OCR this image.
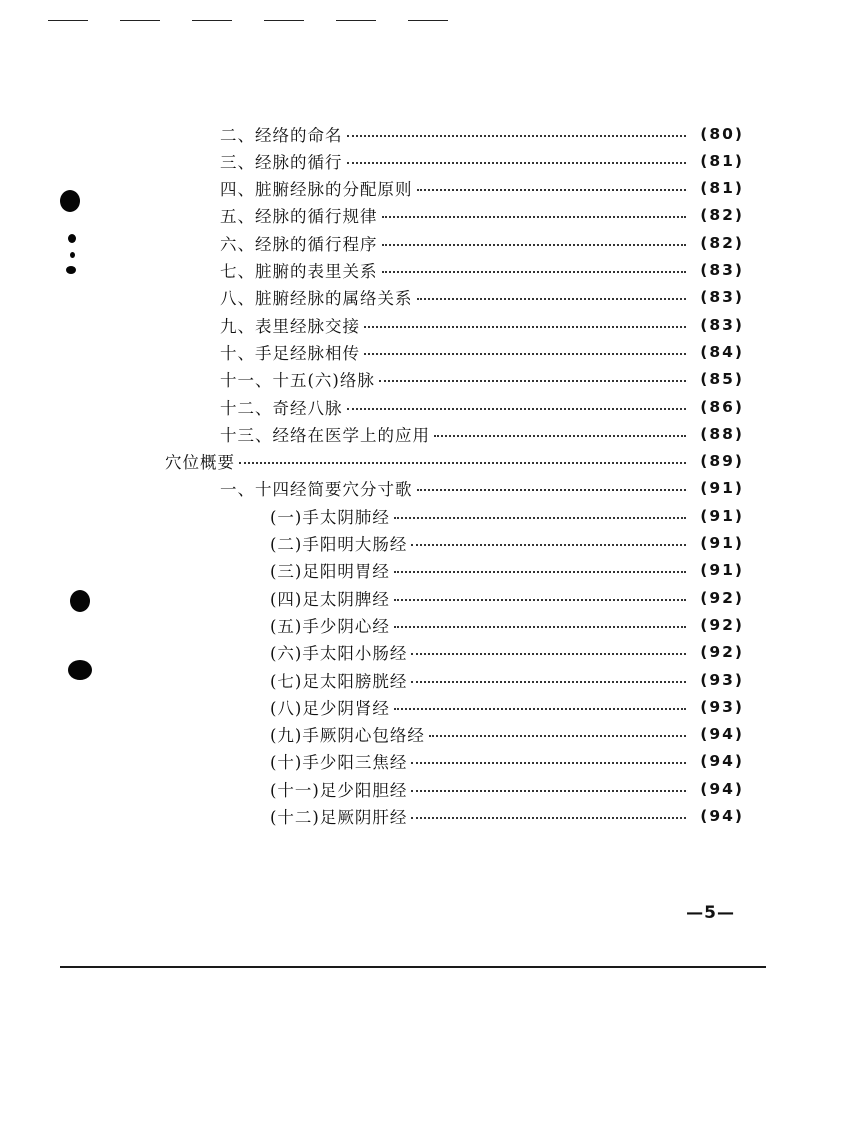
二、经络的命名	(80)
三、经脉的循行	(81)
四、脏腑经脉的分配原则	(81)
五、经脉的循行规律	(82)
六、经脉的循行程序	(82)
七、脏腑的表里关系	(83)
八、脏腑经脉的属络关系	(83)
九、表里经脉交接	(83)
十、手足经脉相传	(84)
十一、十五(六)络脉	(85)
十二、奇经八脉	(86)
十三、经络在医学上的应用	(88)
穴位概要	(89)
一、十四经简要穴分寸歌	(91)
(一)手太阴肺经	(91)
(二)手阳明大肠经	(91)
(三)足阳明胃经	(91)
(四)足太阴脾经	(92)
(五)手少阴心经	(92)
(六)手太阳小肠经	(92)
(七)足太阳膀胱经	(93)
(八)足少阴肾经	(93)
(九)手厥阴心包络经	(94)
(十)手少阳三焦经	(94)
(十一)足少阳胆经	(94)
(十二)足厥阴肝经	(94)
—5—
